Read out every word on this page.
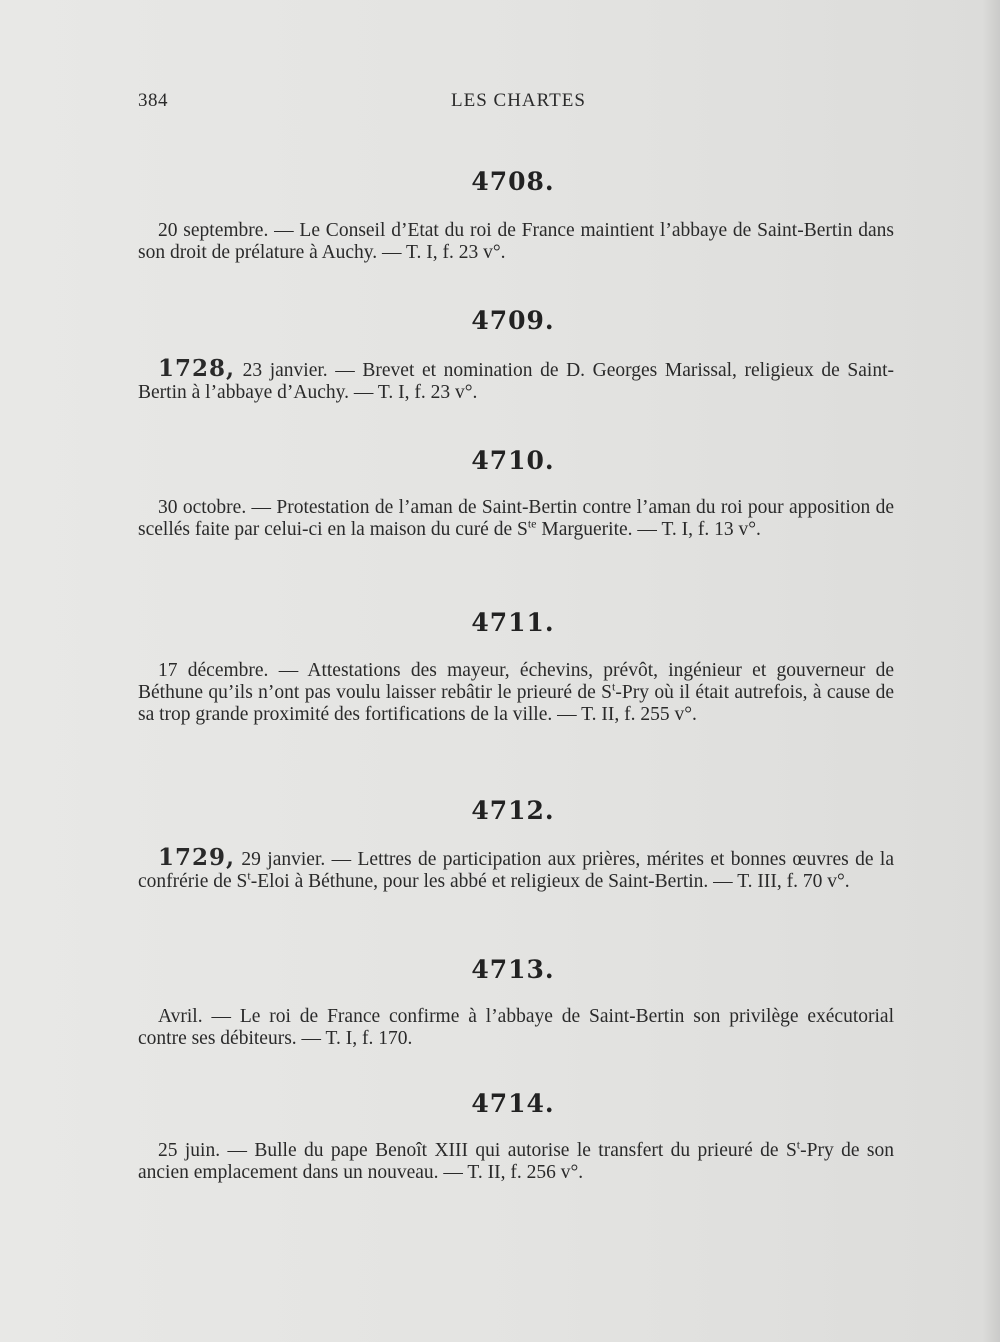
384	LES CHARTES
4708.

20 septembre. — Le Conseil d’Etat du roi de France maintient l’abbaye de Saint-Bertin dans son droit de prélature à Auchy. — T. I, f. 23 v°.

4709.

1728, 23 janvier. — Brevet et nomination de D. Georges Marissal, religieux de Saint-Bertin à l’abbaye d’Auchy. — T. I, f. 23 v°.

4710.

30 octobre. — Protestation de l’aman de Saint-Bertin contre l’aman du roi pour apposition de scellés faite par celui-ci en la maison du curé de $S^{te}$ Marguerite. — T. I, f. 13 v°.

4711.

17 décembre. — Attestations des mayeur, échevins, prévôt, ingénieur et gouverneur de Béthune qu’ils n’ont pas voulu laisser rebâtir le prieuré de $S^t$-Pry où il était autrefois, à cause de sa trop grande proximité des fortifications de la ville. — T. II, f. 255 v°.

4712.

1729, 29 janvier. — Lettres de participation aux prières, mérites et bonnes œuvres de la confrérie de $S^t$-Eloi à Béthune, pour les abbé et religieux de Saint-Bertin. — T. III, f. 70 v°.

4713.

Avril. — Le roi de France confirme à l’abbaye de Saint-Bertin son privilège exécutorial contre ses débiteurs. — T. I, f. 170.

4714.

25 juin. — Bulle du pape Benoît XIII qui autorise le transfert du prieuré de $S^t$-Pry de son ancien emplacement dans un nouveau. — T. II, f. 256 v°.
